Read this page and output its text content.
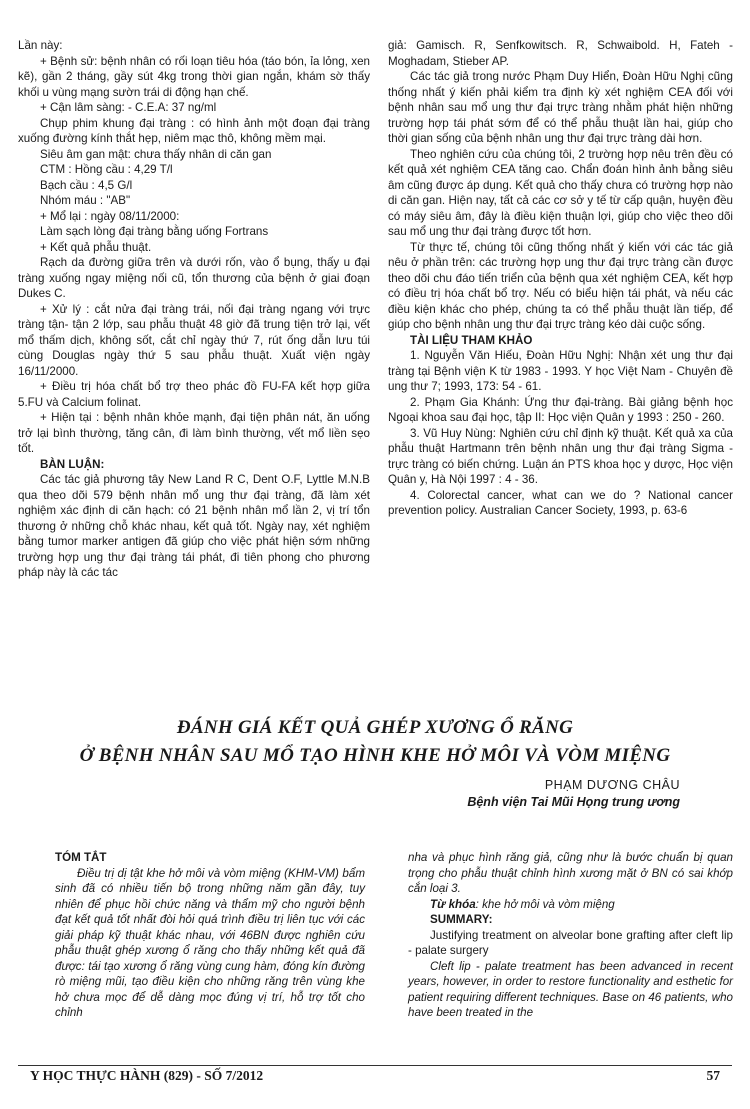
Lần này:

+ Bệnh sử: bệnh nhân có rối loạn tiêu hóa (táo bón, ỉa lỏng, xen kẽ), gần 2 tháng, gầy sút 4kg trong thời gian ngắn, khám sờ thấy khối u vùng mạng sườn trái di động hạn chế.

+ Cận lâm sàng: - C.E.A: 37 ng/ml

Chụp phim khung đại tràng : có hình ảnh một đoạn đại tràng xuống đường kính thắt hẹp, niêm mạc thô, không mềm mại.

Siêu âm gan mật: chưa thấy nhân di căn gan

CTM : Hồng cầu : 4,29 T/l

Bạch cầu : 4,5 G/l

Nhóm máu : "AB"

+ Mổ lại : ngày 08/11/2000:

Làm sạch lòng đại tràng bằng uống Fortrans

+ Kết quả phẫu thuật.

Rạch da đường giữa trên và dưới rốn, vào ổ bụng, thấy u đại tràng xuống ngay miệng nối cũ, tổn thương của bệnh ở giai đoạn Dukes C.

+ Xử lý : cắt nửa đại tràng trái, nối đại tràng ngang với trực tràng tận- tận 2 lớp, sau phẫu thuật 48 giờ đã trung tiện trở lại, vết mổ thấm dịch, không sốt, cắt chỉ ngày thứ 7, rút ống dẫn lưu túi cùng Douglas ngày thứ 5 sau phẫu thuật. Xuất viện ngày 16/11/2000.

+ Điều trị hóa chất bổ trợ theo phác đồ FU-FA kết hợp giữa 5.FU và Calcium folinat.

+ Hiện tại : bệnh nhân khỏe mạnh, đại tiện phân nát, ăn uống trở lại bình thường, tăng cân, đi làm bình thường, vết mổ liền sẹo tốt.

BÀN LUẬN:

Các tác giả phương tây New Land R C, Dent O.F, Lyttle M.N.B qua theo dõi 579 bệnh nhân mổ ung thư đại tràng, đã làm xét nghiệm xác định di căn hạch: có 21 bệnh nhân mổ lần 2, vị trí tổn thương ở những chỗ khác nhau, kết quả tốt. Ngày nay, xét nghiệm bằng tumor marker antigen đã giúp cho việc phát hiện sớm những trường hợp ung thư đại tràng tái phát, đi tiên phong cho phương pháp này là các tác

giả: Gamisch. R, Senfkowitsch. R, Schwaibold. H, Fateh - Moghadam, Stieber AP.

Các tác giả trong nước Phạm Duy Hiển, Đoàn Hữu Nghị cũng thống nhất ý kiến phải kiểm tra định kỳ xét nghiệm CEA đối với bệnh nhân sau mổ ung thư đại trực tràng nhằm phát hiện những trường hợp tái phát sớm để có thể phẫu thuật lần hai, giúp cho thời gian sống của bệnh nhân ung thư đại trực tràng dài hơn.

Theo nghiên cứu của chúng tôi, 2 trường hợp nêu trên đều có kết quả xét nghiệm CEA tăng cao. Chẩn đoán hình ảnh bằng siêu âm cũng được áp dụng. Kết quả cho thấy chưa có trường hợp nào di căn gan. Hiện nay, tất cả các cơ sở y tế từ cấp quận, huyện đều có máy siêu âm, đây là điều kiện thuận lợi, giúp cho việc theo dõi sau mổ ung thư đại tràng được tốt hơn.

Từ thực tế, chúng tôi cũng thống nhất ý kiến với các tác giả nêu ở phần trên: các trường hợp ung thư đại trực tràng cần được theo dõi chu đáo tiến triển của bệnh qua xét nghiệm CEA, kết hợp có điều trị hóa chất bổ trợ. Nếu có biểu hiện tái phát, và nếu các điều kiện khác cho phép, chúng ta có thể phẫu thuật lần tiếp, để giúp cho bệnh nhân ung thư đại trực tràng kéo dài cuộc sống.

TÀI LIỆU THAM KHẢO

1. Nguyễn Văn Hiếu, Đoàn Hữu Nghị: Nhận xét ung thư đại tràng tại Bệnh viện K từ 1983 - 1993. Y học Việt Nam - Chuyên đề ung thư 7; 1993, 173: 54 - 61.

2. Phạm Gia Khánh: Ứng thư đại-tràng. Bài giảng bệnh học Ngoại khoa sau đại học, tập II: Học viện Quân y 1993 : 250 - 260.

3. Vũ Huy Nùng: Nghiên cứu chỉ định kỹ thuật. Kết quả xa của phẫu thuật Hartmann trên bệnh nhân ung thư đại tràng Sigma - trực tràng có biến chứng. Luận án PTS khoa học y dược, Học viện Quân y, Hà Nội 1997 : 4 - 36.

4. Colorectal cancer, what can we do ? National cancer prevention policy. Australian Cancer Society, 1993, p. 63-6

ĐÁNH GIÁ KẾT QUẢ GHÉP XƯƠNG Ổ RĂNG
Ở BỆNH NHÂN SAU MỔ TẠO HÌNH KHE HỞ MÔI VÀ VÒM MIỆNG
PHẠM DƯƠNG CHÂU
Bệnh viện Tai Mũi Họng trung ương

TÓM TẮT

Điều trị dị tật khe hở môi và vòm miệng (KHM-VM) bẩm sinh đã có nhiều tiến bộ trong những năm gần đây, tuy nhiên để phục hồi chức năng và thẩm mỹ cho người bệnh đạt kết quả tốt nhất đòi hỏi quá trình điều trị liên tục với các giải pháp kỹ thuật khác nhau, với 46BN được nghiên cứu phẫu thuật ghép xương ổ răng cho thấy những kết quả đã được: tái tạo xương ổ răng vùng cung hàm, đóng kín đường rò miệng mũi, tạo điều kiện cho những răng trên vùng khe hở chưa mọc để dễ dàng mọc đúng vị trí, hỗ trợ tốt cho chỉnh

nha và phục hình răng giả, cũng như là bước chuẩn bị quan trọng cho phẫu thuật chỉnh hình xương mặt ở BN có sai khớp cắn loại 3.

Từ khóa: khe hở môi và vòm miệng

SUMMARY:

Justifying treatment on alveolar bone grafting after cleft lip - palate surgery

Cleft lip - palate treatment has been advanced in recent years, however, in order to restore functionality and esthetic for patient requiring different techniques. Base on 46 patients, who have been treated in the

Y HỌC THỰC HÀNH (829) - SỐ 7/2012	57
